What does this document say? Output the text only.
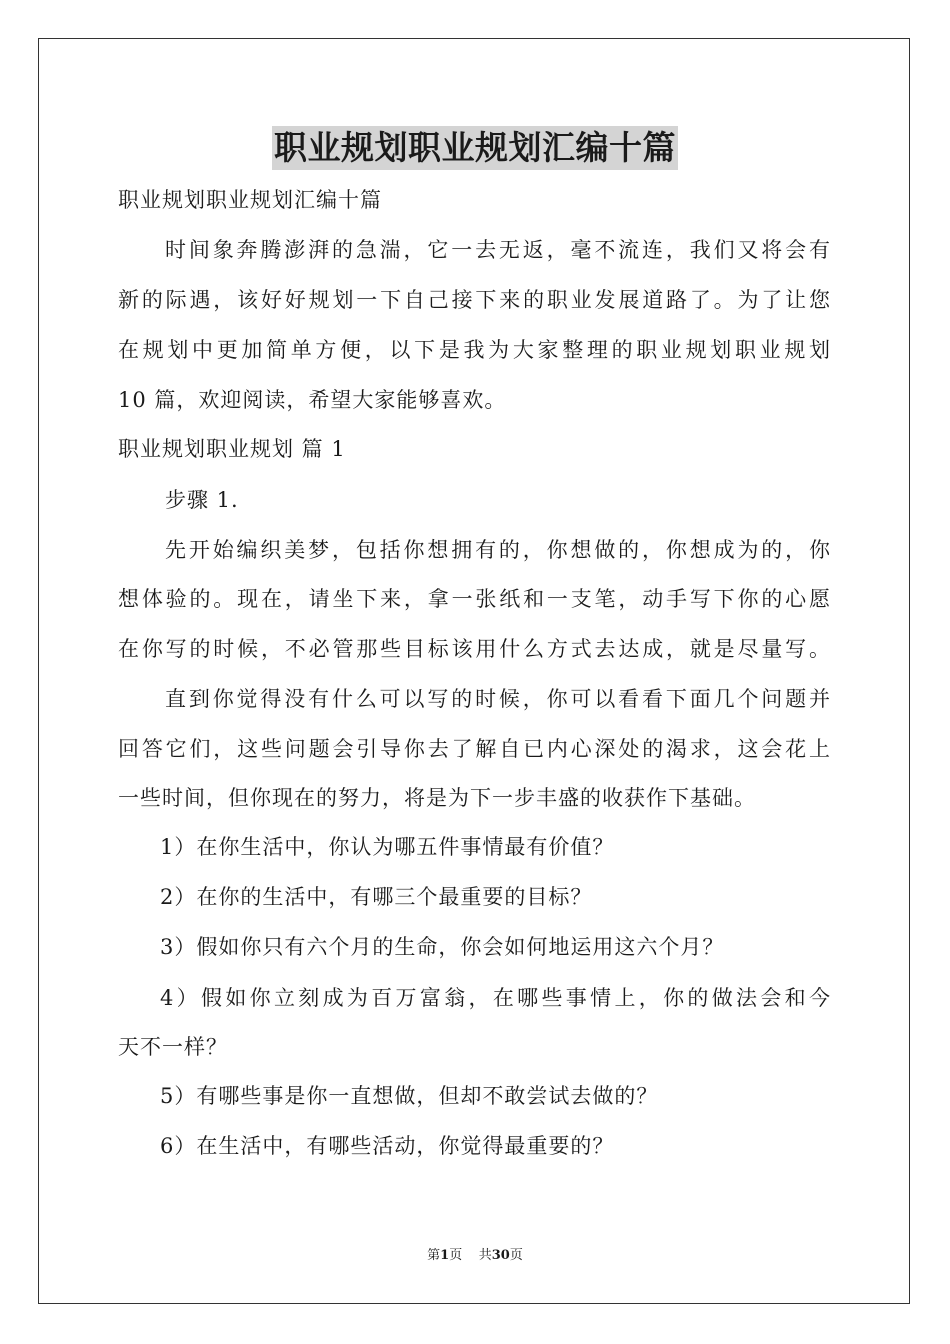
职业规划职业规划汇编十篇
职业规划职业规划汇编十篇
时间象奔腾澎湃的急湍，它一去无返，毫不流连，我们又将会有
新的际遇，该好好规划一下自己接下来的职业发展道路了。为了让您
在规划中更加简单方便，以下是我为大家整理的职业规划职业规划
10 篇，欢迎阅读，希望大家能够喜欢。
职业规划职业规划 篇 1
步骤 1.
先开始编织美梦，包括你想拥有的，你想做的，你想成为的，你
想体验的。现在，请坐下来，拿一张纸和一支笔，动手写下你的心愿
在你写的时候，不必管那些目标该用什么方式去达成，就是尽量写。
直到你觉得没有什么可以写的时候，你可以看看下面几个问题并
回答它们，这些问题会引导你去了解自已内心深处的渴求，这会花上
一些时间，但你现在的努力，将是为下一步丰盛的收获作下基础。
1）在你生活中，你认为哪五件事情最有价值？
2）在你的生活中，有哪三个最重要的目标？
3）假如你只有六个月的生命，你会如何地运用这六个月？
4）假如你立刻成为百万富翁，在哪些事情上，你的做法会和今
天不一样？
5）有哪些事是你一直想做，但却不敢尝试去做的？
6）在生活中，有哪些活动，你觉得最重要的？
第1页 共30页
